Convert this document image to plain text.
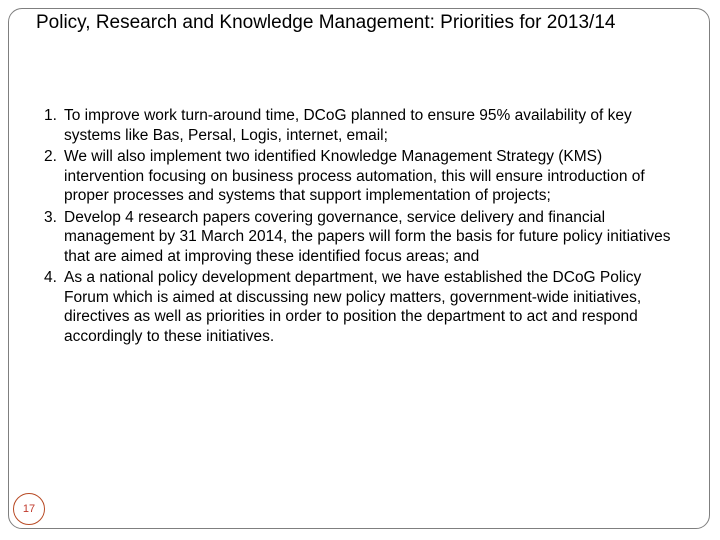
Policy, Research and Knowledge Management: Priorities for 2013/14
1. To improve work turn-around time, DCoG planned to ensure 95% availability of key systems like Bas, Persal, Logis, internet, email;
2. We will also implement two identified Knowledge Management Strategy (KMS) intervention focusing on business process automation, this will ensure introduction of proper processes and systems that support implementation of projects;
3. Develop 4 research papers covering governance, service delivery and financial management by 31 March 2014, the papers will form the basis for future policy initiatives that are aimed at improving these identified focus areas; and
4. As a national policy development department, we have established the DCoG Policy Forum which is aimed at discussing new policy matters, government-wide initiatives, directives as well as priorities in order to position the department to act and respond accordingly to these initiatives.
17
